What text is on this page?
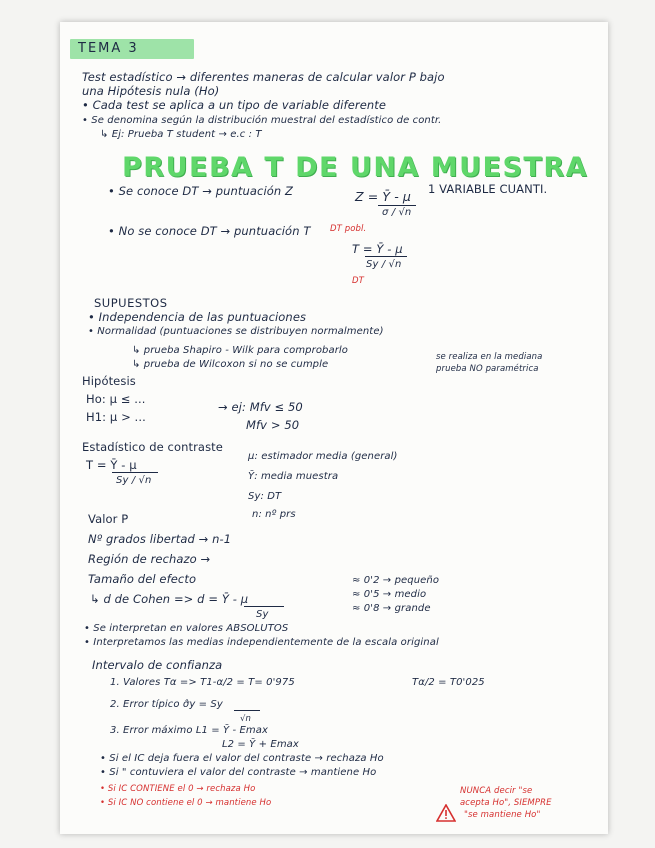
TEMA 3
Test estadístico → diferentes maneras de calcular valor P bajo
una Hipótesis nula (Ho)
• Cada test se aplica a un tipo de variable diferente
• Se denomina según la distribución muestral del estadístico de contr.
↳ Ej: Prueba T student → e.c : T
PRUEBA T DE UNA MUESTRA
• Se conoce DT → puntuación Z	Z = Ȳ - μ
σ / √n
1 VARIABLE CUANTI.
• No se conoce DT → puntuación T DT pobl.
T = Ȳ - μ
Sy / √n
DT
SUPUESTOS
• Independencia de las puntuaciones
• Normalidad (puntuaciones se distribuyen normalmente)
↳ prueba Shapiro - Wilk para comprobarlo
↳ prueba de Wilcoxon si no se cumple
se realiza en la mediana
prueba NO paramétrica
Hipótesis
Ho: μ ≤ ...
H1: μ > ...
→ ej: Mfv ≤ 50
Mfv > 50
Estadístico de contraste
T = Ȳ - μ
Sy / √n
μ: estimador media (general)
Ȳ: media muestra
Sy: DT
n: nº prs
Valor P
Nº grados libertad → n-1
Región de rechazo →
Tamaño del efecto
↳ d de Cohen => d = Ȳ - μ
Sy
≈ 0'2 → pequeño
≈ 0'5 → medio
≈ 0'8 → grande
• Se interpretan en valores ABSOLUTOS
• Interpretamos las medias independientemente de la escala original
Intervalo de confianza
1. Valores Tα => T1-α/2 = T= 0'975	Tα/2 = T0'025
2. Error típico σ̂y = Sy
√n
3. Error máximo L1 = Ȳ - Emax
L2 = Ȳ + Emax
• Si el IC deja fuera el valor del contraste → rechaza Ho
• Si " contuviera el valor del contraste → mantiene Ho
• Si IC CONTIENE el 0 → rechaza Ho
• Si IC NO contiene el 0 → mantiene Ho
NUNCA decir "se
acepta Ho", SIEMPRE
"se mantiene Ho"
